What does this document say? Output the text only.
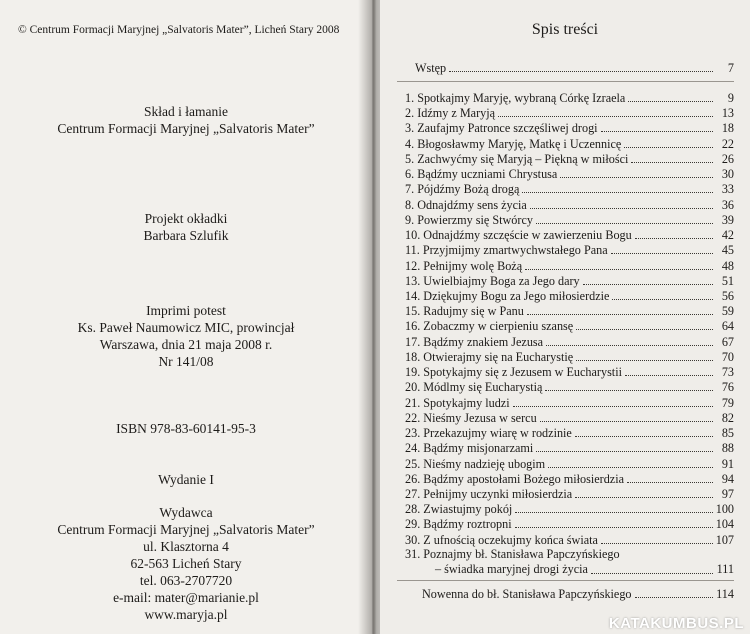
© Centrum Formacji Maryjnej „Salvatoris Mater”, Licheń Stary 2008
Skład i łamanie
Centrum Formacji Maryjnej „Salvatoris Mater”
Projekt okładki
Barbara Szlufik
Imprimi potest
Ks. Paweł Naumowicz MIC, prowincjał
Warszawa, dnia 21 maja 2008 r.
Nr 141/08
ISBN 978-83-60141-95-3
Wydanie I
Wydawca
Centrum Formacji Maryjnej „Salvatoris Mater”
ul. Klasztorna 4
62-563 Licheń Stary
tel. 063-2707720
e-mail: mater@marianie.pl
www.maryja.pl
Spis treści
Wstęp	7
1. Spotkajmy Maryję, wybraną Córkę Izraela	9
2. Idźmy z Maryją	13
3. Zaufajmy Patronce szczęśliwej drogi	18
4. Błogosławmy Maryję, Matkę i Uczennicę	22
5. Zachwyćmy się Maryją – Piękną w miłości	26
6. Bądźmy uczniami Chrystusa	30
7. Pójdźmy Bożą drogą	33
8. Odnajdźmy sens życia	36
9. Powierzmy się Stwórcy	39
10. Odnajdźmy szczęście w zawierzeniu Bogu	42
11. Przyjmijmy zmartwychwstałego Pana	45
12. Pełnijmy wolę Bożą	48
13. Uwielbiajmy Boga za Jego dary	51
14. Dziękujmy Bogu za Jego miłosierdzie	56
15. Radujmy się w Panu	59
16. Zobaczmy w cierpieniu szansę	64
17. Bądźmy znakiem Jezusa	67
18. Otwierajmy się na Eucharystię	70
19. Spotykajmy się z Jezusem w Eucharystii	73
20. Módlmy się Eucharystią	76
21. Spotykajmy ludzi	79
22. Nieśmy Jezusa w sercu	82
23. Przekazujmy wiarę w rodzinie	85
24. Bądźmy misjonarzami	88
25. Nieśmy nadzieję ubogim	91
26. Bądźmy apostołami Bożego miłosierdzia	94
27. Pełnijmy uczynki miłosierdzia	97
28. Zwiastujmy pokój	100
29. Bądźmy roztropni	104
30. Z ufnością oczekujmy końca świata	107
31. Poznajmy bł. Stanisława Papczyńskiego
– świadka maryjnej drogi życia	111
Nowenna do bł. Stanisława Papczyńskiego	114
KATAKUMBUS.PL
